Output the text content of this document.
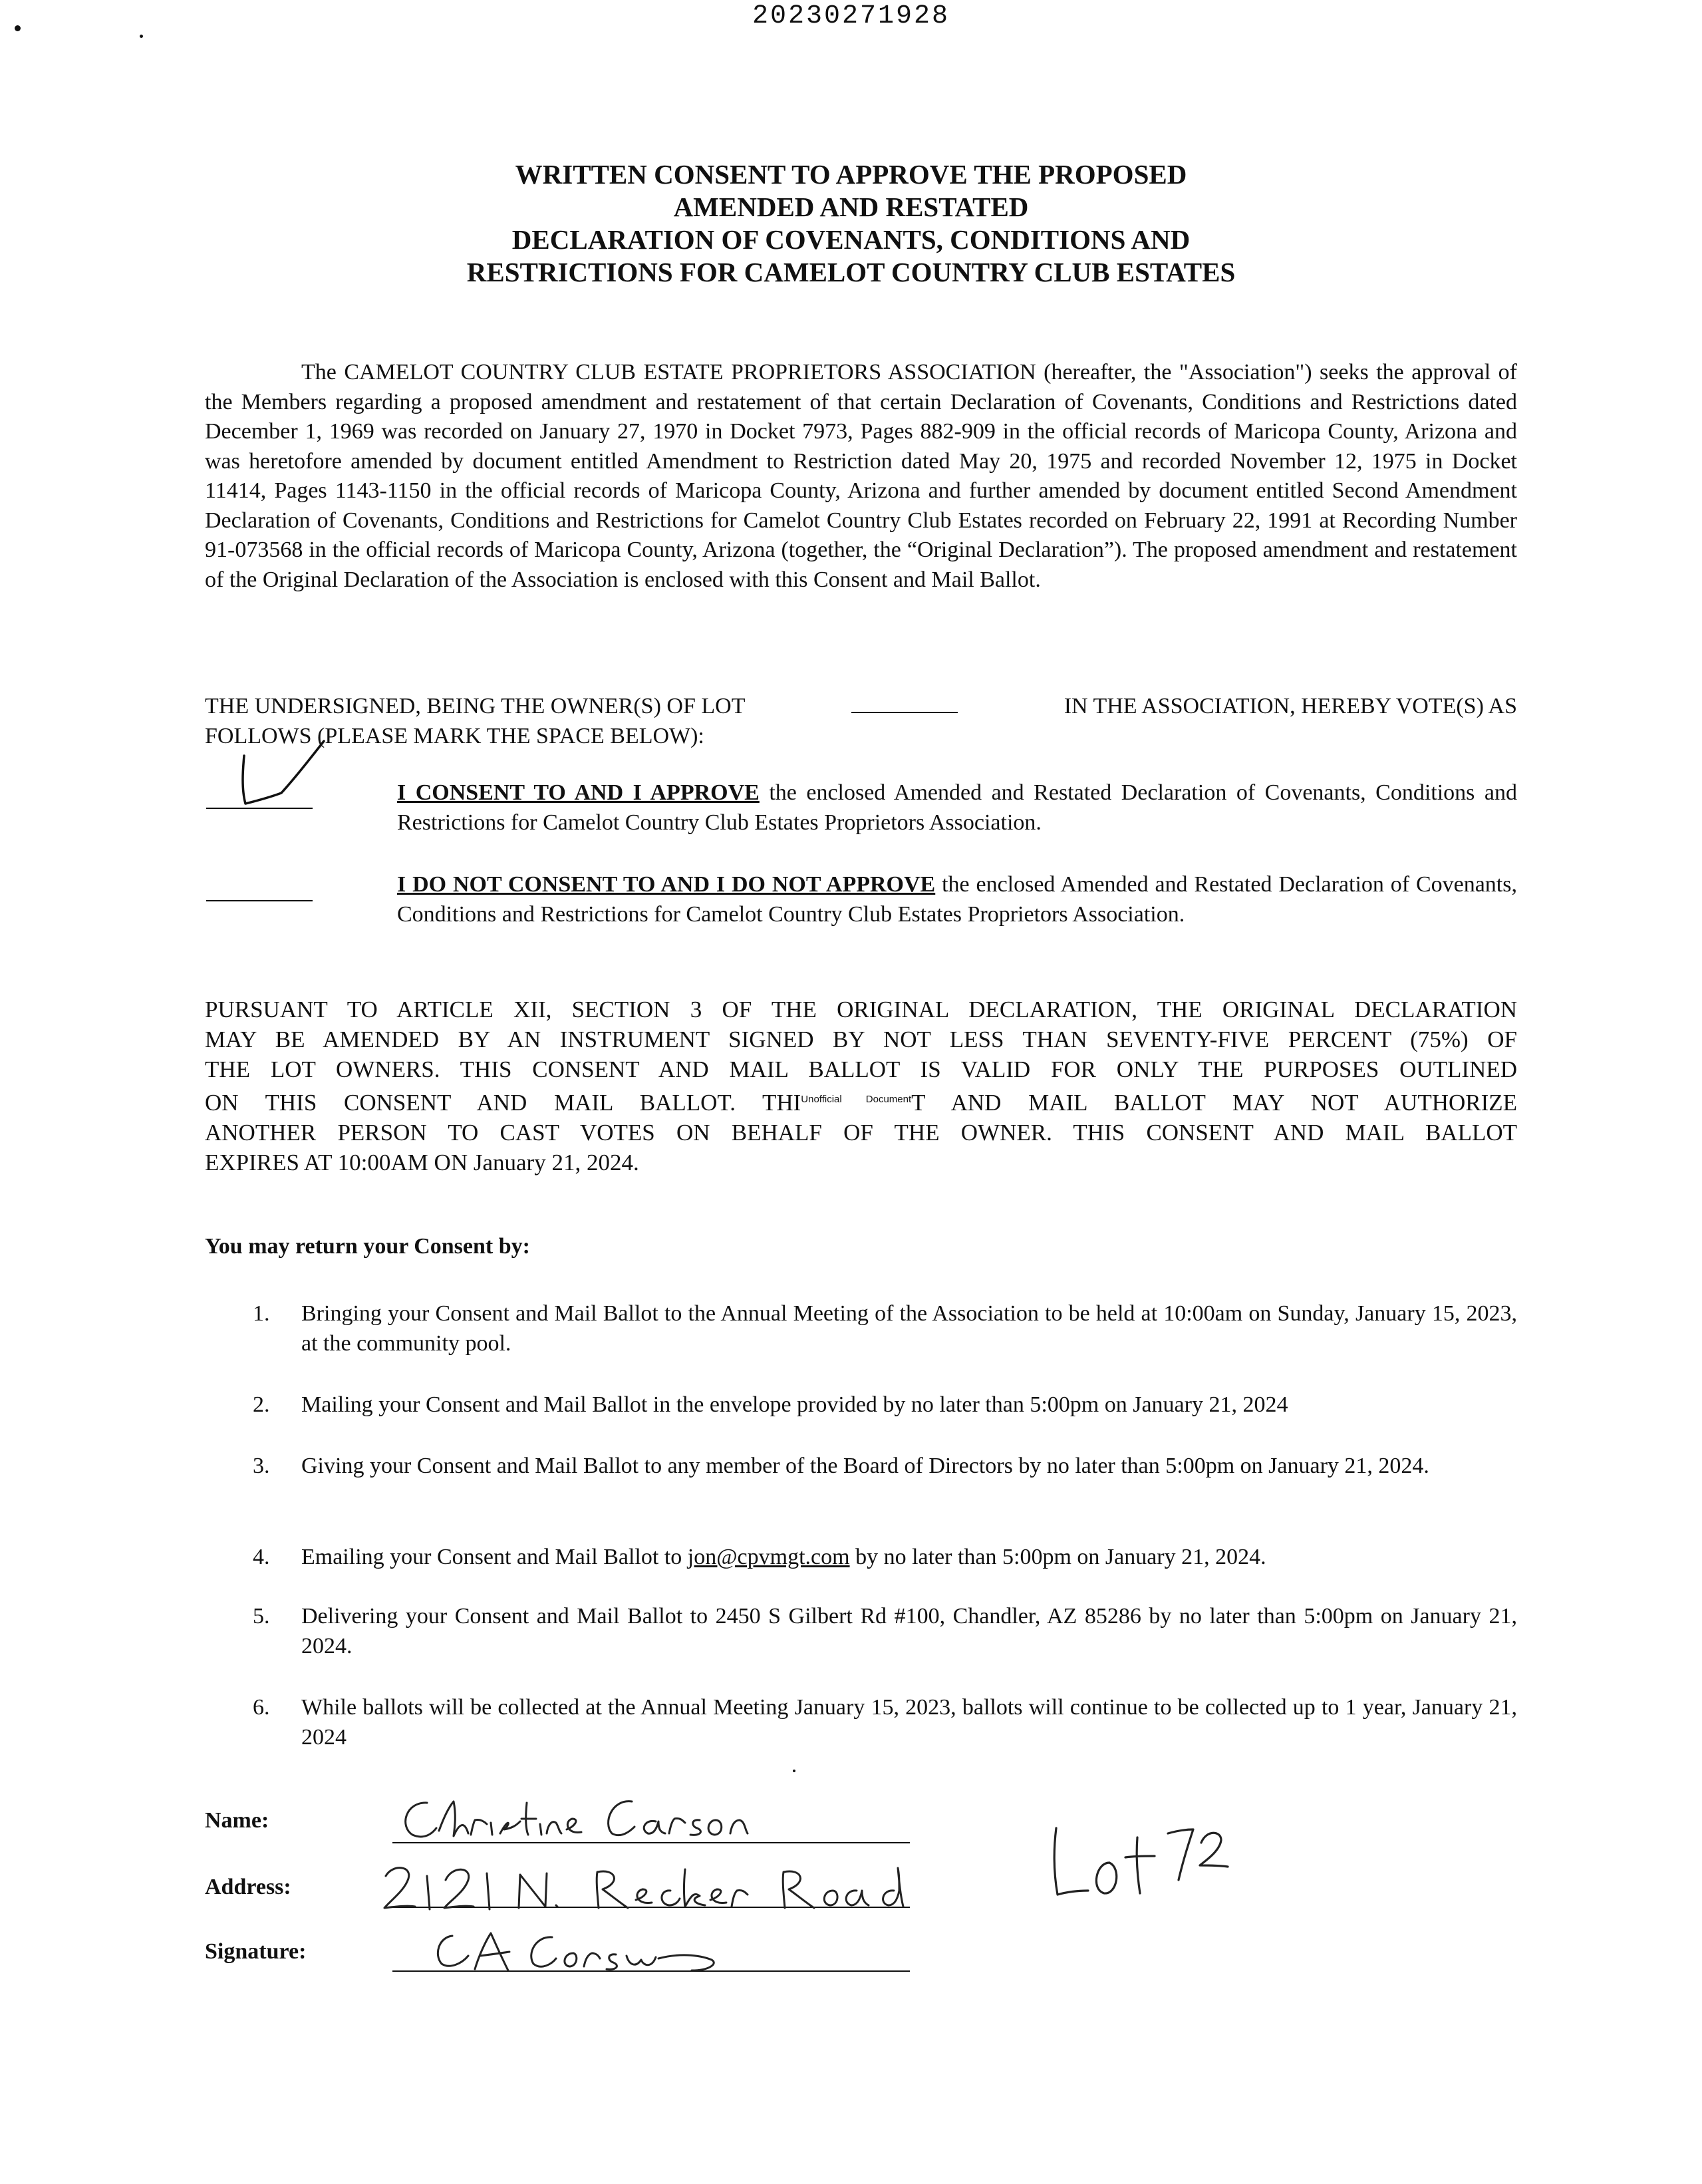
20230271928
WRITTEN CONSENT TO APPROVE THE PROPOSED
AMENDED AND RESTATED
DECLARATION OF COVENANTS, CONDITIONS AND
RESTRICTIONS FOR CAMELOT COUNTRY CLUB ESTATES
The CAMELOT COUNTRY CLUB ESTATE PROPRIETORS ASSOCIATION (hereafter, the "Association") seeks the approval of the Members regarding a proposed amendment and restatement of that certain Declaration of Covenants, Conditions and Restrictions dated December 1, 1969 was recorded on January 27, 1970 in Docket 7973, Pages 882-909 in the official records of Maricopa County, Arizona and was heretofore amended by document entitled Amendment to Restriction dated May 20, 1975 and recorded November 12, 1975 in Docket 11414, Pages 1143-1150 in the official records of Maricopa County, Arizona and further amended by document entitled Second Amendment Declaration of Covenants, Conditions and Restrictions for Camelot Country Club Estates recorded on February 22, 1991 at Recording Number 91-073568 in the official records of Maricopa County, Arizona (together, the “Original Declaration”). The proposed amendment and restatement of the Original Declaration of the Association is enclosed with this Consent and Mail Ballot.
THE UNDERSIGNED, BEING THE OWNER(S) OF LOT	IN THE ASSOCIATION, HEREBY VOTE(S) AS
FOLLOWS (PLEASE MARK THE SPACE BELOW):
I CONSENT TO AND I APPROVE the enclosed Amended and Restated Declaration of Covenants, Conditions and Restrictions for Camelot Country Club Estates Proprietors Association.
I DO NOT CONSENT TO AND I DO NOT APPROVE the enclosed Amended and Restated Declaration of Covenants, Conditions and Restrictions for Camelot Country Club Estates Proprietors Association.
PURSUANT TO ARTICLE XII, SECTION 3 OF THE ORIGINAL DECLARATION, THE ORIGINAL DECLARATION
MAY BE AMENDED BY AN INSTRUMENT SIGNED BY NOT LESS THAN SEVENTY-FIVE PERCENT (75%) OF
THE LOT OWNERS. THIS CONSENT AND MAIL BALLOT IS VALID FOR ONLY THE PURPOSES OUTLINED
ON THIS CONSENT AND MAIL BALLOT. $THI^{Unofficial Document}T$ AND MAIL BALLOT MAY NOT AUTHORIZE
ANOTHER PERSON TO CAST VOTES ON BEHALF OF THE OWNER. THIS CONSENT AND MAIL BALLOT
EXPIRES AT 10:00AM ON January 21, 2024.
You may return your Consent by:
1.	Bringing your Consent and Mail Ballot to the Annual Meeting of the Association to be held at 10:00am on Sunday, January 15, 2023, at the community pool.
2.	Mailing your Consent and Mail Ballot in the envelope provided by no later than 5:00pm on January 21, 2024
3.	Giving your Consent and Mail Ballot to any member of the Board of Directors by no later than 5:00pm on January 21, 2024.
4.	Emailing your Consent and Mail Ballot to jon@cpvmgt.com by no later than 5:00pm on January 21, 2024.
5.	Delivering your Consent and Mail Ballot to 2450 S Gilbert Rd #100, Chandler, AZ 85286 by no later than 5:00pm on January 21, 2024.
6.	While ballots will be collected at the Annual Meeting January 15, 2023, ballots will continue to be collected up to 1 year, January 21, 2024
Name:
Address:
Signature:
